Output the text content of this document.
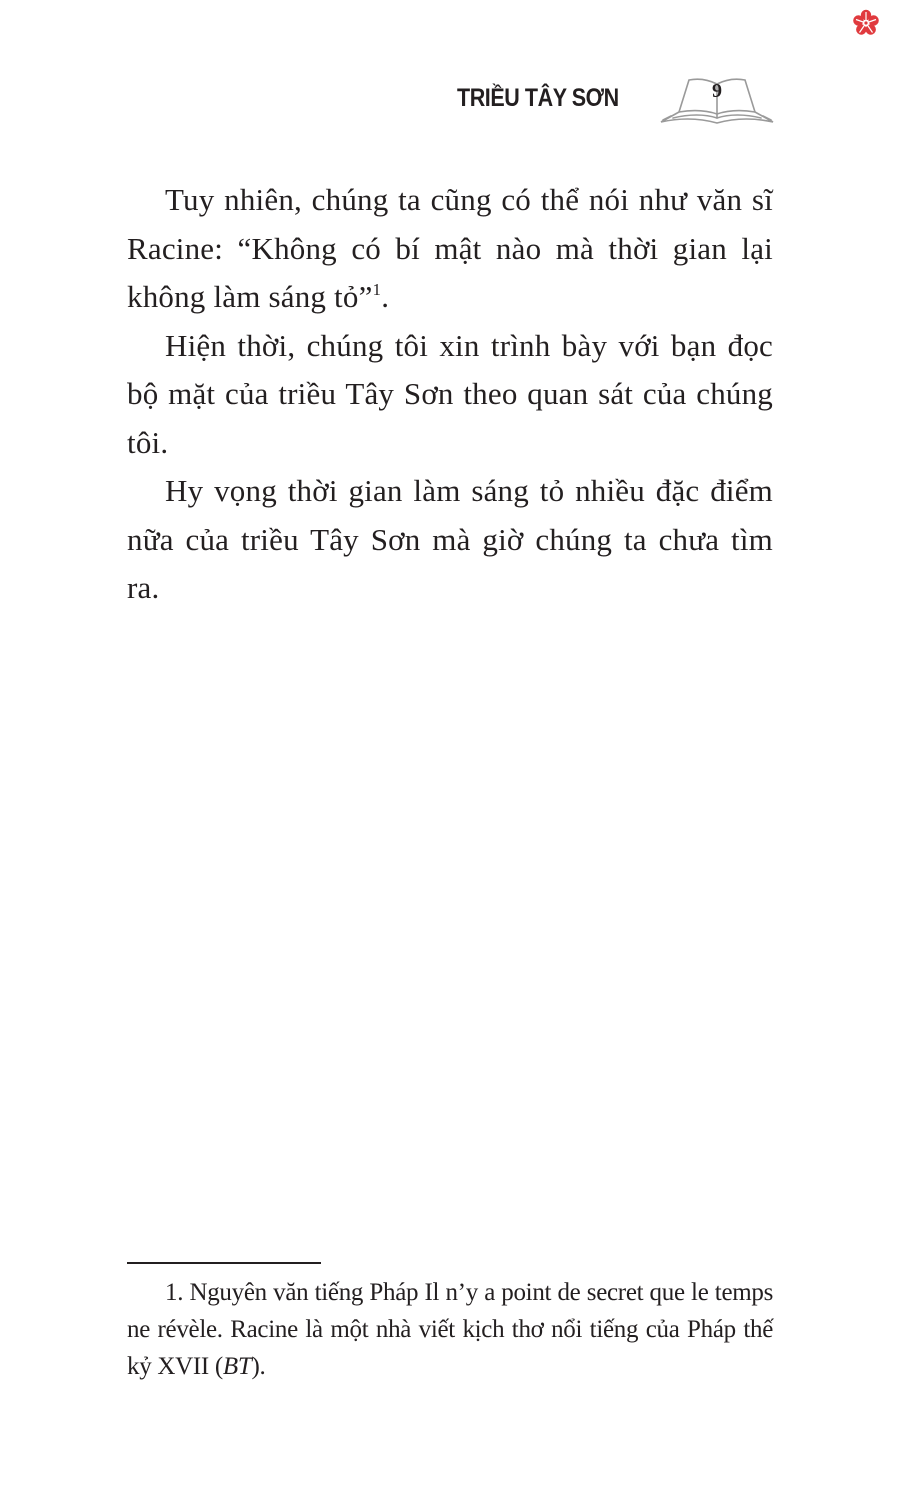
TRIỀU TÂY SƠN	9

Tuy nhiên, chúng ta cũng có thể nói như văn sĩ Racine: “Không có bí mật nào mà thời gian lại không làm sáng tỏ”$^1$.

Hiện thời, chúng tôi xin trình bày với bạn đọc bộ mặt của triều Tây Sơn theo quan sát của chúng tôi.

Hy vọng thời gian làm sáng tỏ nhiều đặc điểm nữa của triều Tây Sơn mà giờ chúng ta chưa tìm ra.

1. Nguyên văn tiếng Pháp Il n’y a point de secret que le temps ne révèle. Racine là một nhà viết kịch thơ nổi tiếng của Pháp thế kỷ XVII (BT).
